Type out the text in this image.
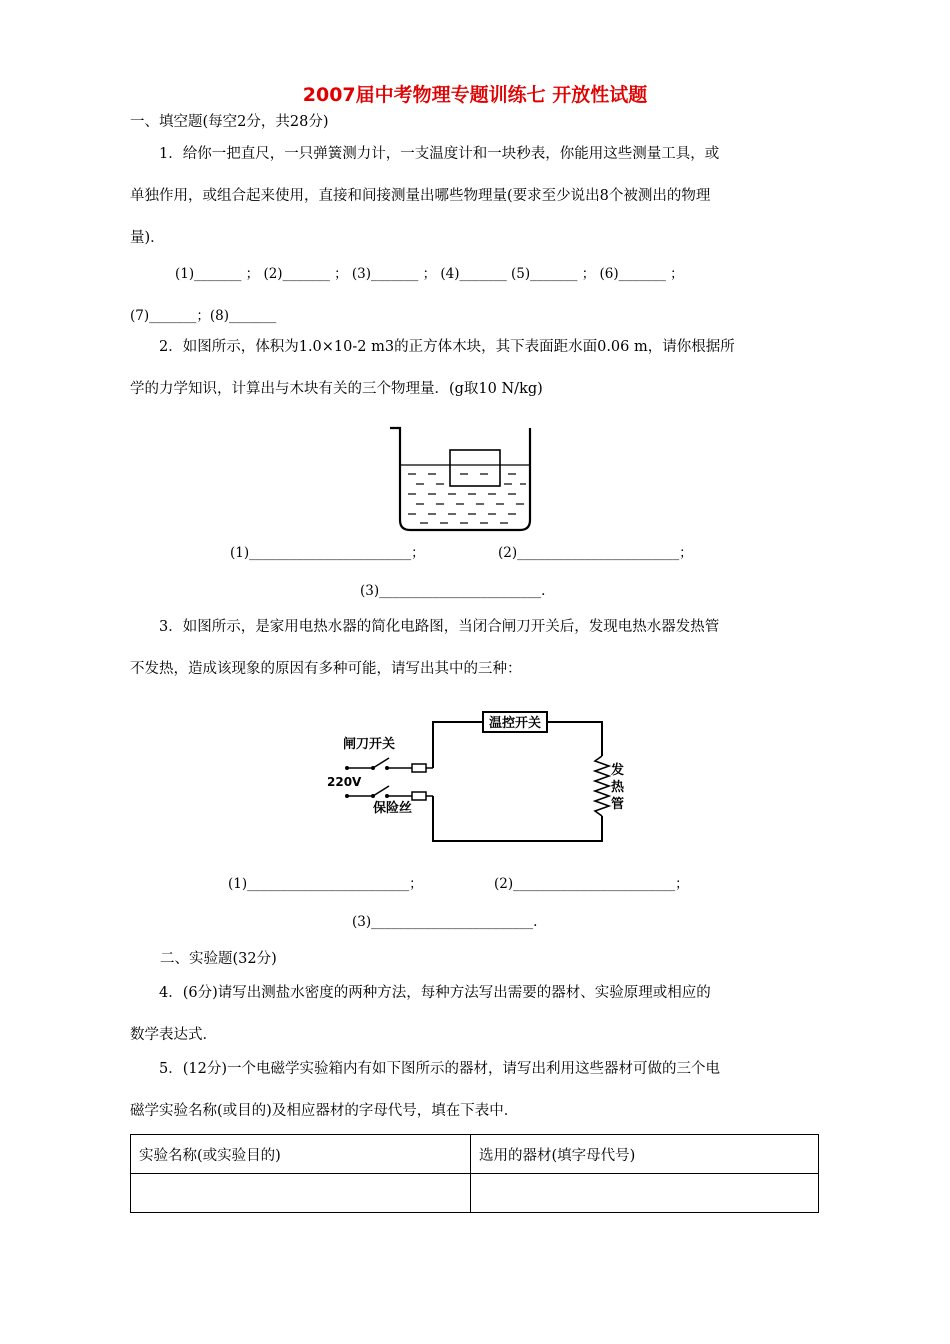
2007届中考物理专题训练七 开放性试题
一、填空题(每空2分，共28分)

1．给你一把直尺，一只弹簧测力计，一支温度计和一块秒表，你能用这些测量工具，或

单独作用，或组合起来使用，直接和间接测量出哪些物理量(要求至少说出8个被测出的物理

量)．

(1)_______ ； (2)_______ ； (3)_______ ； (4)_______ (5)_______ ； (6)_______ ；
(7)_______；(8)_______

2．如图所示，体积为1.0×10-2 m3的正方体木块，其下表面距水面0.06 m，请你根据所

学的力学知识，计算出与木块有关的三个物理量．(g取10 N/kg)

(1)________________________；	(2)________________________；
(3)________________________.

3．如图所示，是家用电热水器的简化电路图，当闭合闸刀开关后，发现电热水器发热管

不发热，造成该现象的原因有多种可能，请写出其中的三种：

温控开关
闸刀开关
220V
保险丝
发
热
管
(1)________________________；	(2)________________________；
(3)________________________.
二、实验题(32分)

4．(6分)请写出测盐水密度的两种方法，每种方法写出需要的器材、实验原理或相应的

数学表达式．

5．(12分)一个电磁学实验箱内有如下图所示的器材，请写出利用这些器材可做的三个电

磁学实验名称(或目的)及相应器材的字母代号，填在下表中．

实验名称(或实验目的)	选用的器材(填字母代号)
